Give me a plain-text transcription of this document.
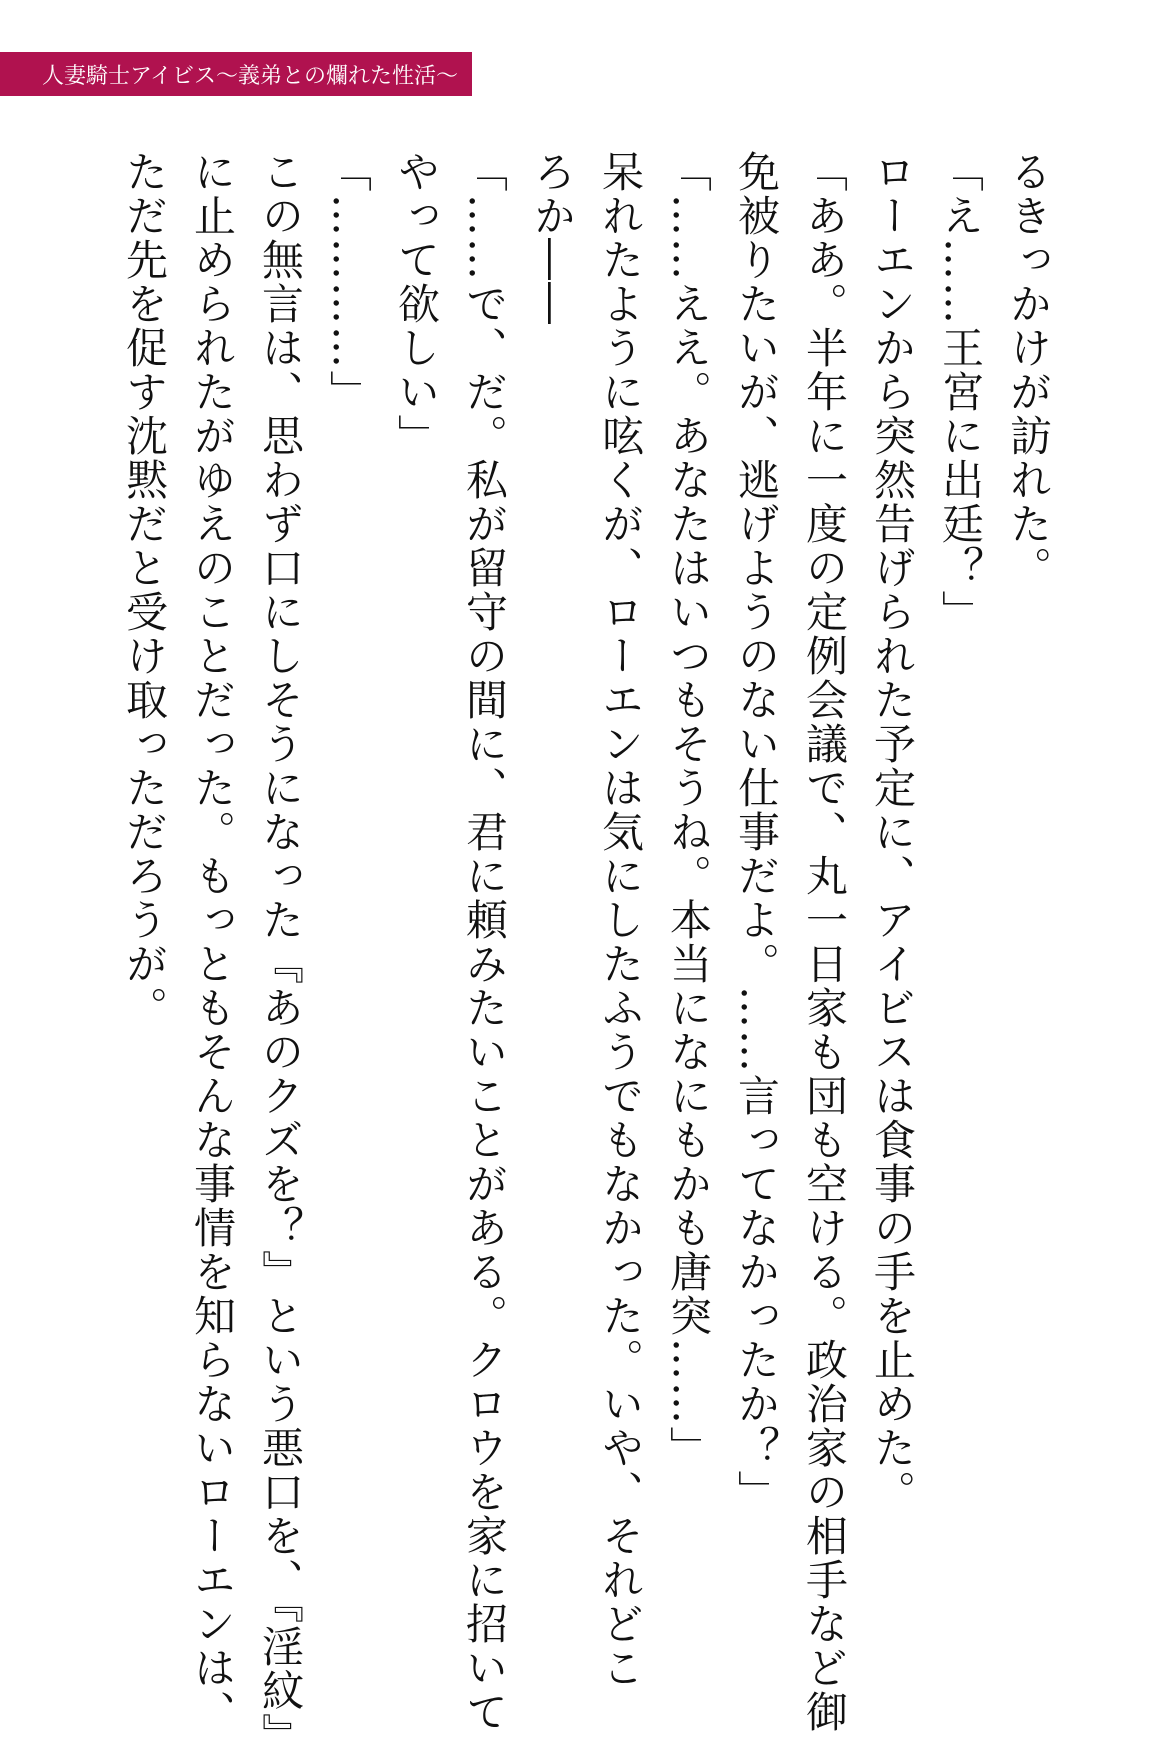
人妻騎士アイビス〜義弟との爛れた性活〜
るきっかけが訪れた。
「え……王宮に出廷？」
ローエンから突然告げられた予定に、アイビスは食事の手を止めた。
「ああ。半年に一度の定例会議で、丸一日家も団も空ける。政治家の相手など御
免被りたいが、逃げようのない仕事だよ。……言ってなかったか？」
「……ええ。あなたはいつもそうね。本当になにもかも唐突……」
呆れたように呟くが、ローエンは気にしたふうでもなかった。いや、それどこ
ろか――
「……で、だ。私が留守の間に、君に頼みたいことがある。クロウを家に招いて
やって欲しい」
「…………」
この無言は、思わず口にしそうになった『あのクズを？』という悪口を、『淫紋』
に止められたがゆえのことだった。もっともそんな事情を知らないローエンは、
ただ先を促す沈黙だと受け取っただろうが。
